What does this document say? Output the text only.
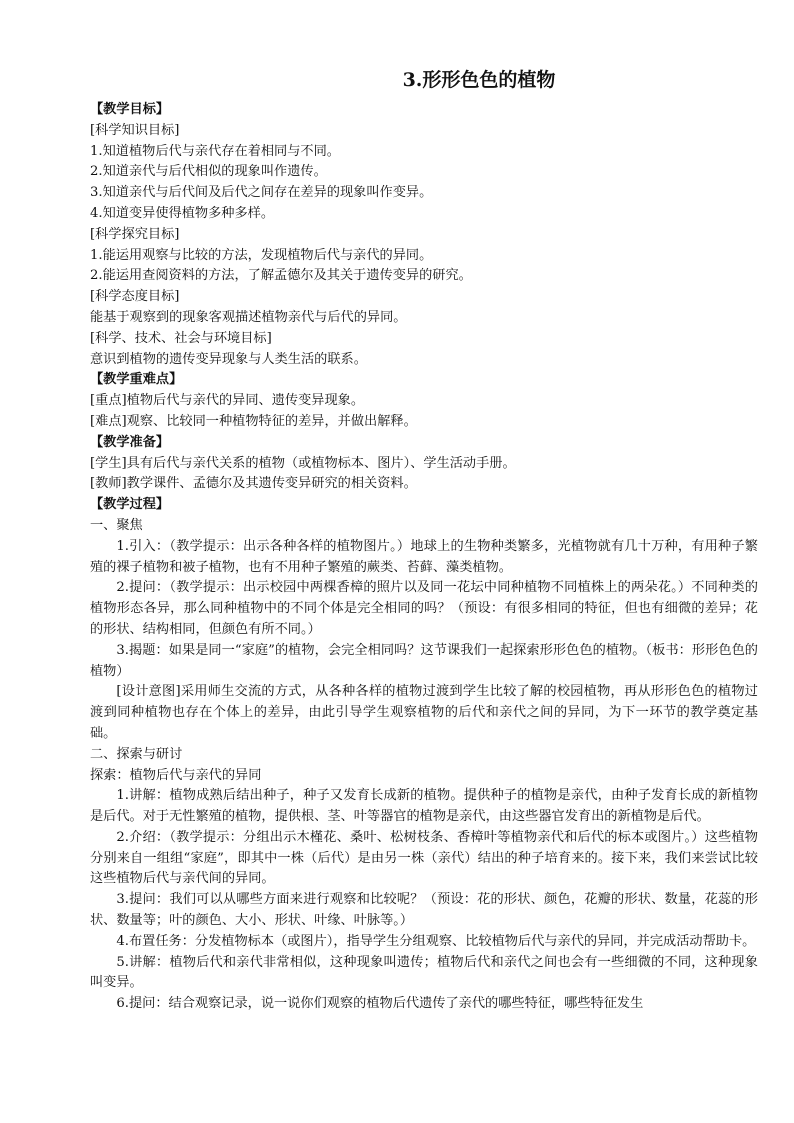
3.形形色色的植物

【教学目标】

[科学知识目标]

1.知道植物后代与亲代存在着相同与不同。

2.知道亲代与后代相似的现象叫作遗传。

3.知道亲代与后代间及后代之间存在差异的现象叫作变异。

4.知道变异使得植物多种多样。

[科学探究目标]

1.能运用观察与比较的方法，发现植物后代与亲代的异同。

2.能运用查阅资料的方法，了解孟德尔及其关于遗传变异的研究。

[科学态度目标]

能基于观察到的现象客观描述植物亲代与后代的异同。

[科学、技术、社会与环境目标]

意识到植物的遗传变异现象与人类生活的联系。

【教学重难点】

[重点]植物后代与亲代的异同、遗传变异现象。

[难点]观察、比较同一种植物特征的差异，并做出解释。

【教学准备】

[学生]具有后代与亲代关系的植物（或植物标本、图片）、学生活动手册。

[教师]教学课件、孟德尔及其遗传变异研究的相关资料。

【教学过程】

一、聚焦

1.引入：（教学提示：出示各种各样的植物图片。）地球上的生物种类繁多，光植物就有几十万种，有用种子繁殖的裸子植物和被子植物，也有不用种子繁殖的蕨类、苔藓、藻类植物。

2.提问：（教学提示：出示校园中两棵香樟的照片以及同一花坛中同种植物不同植株上的两朵花。）不同种类的植物形态各异，那么同种植物中的不同个体是完全相同的吗？（预设：有很多相同的特征，但也有细微的差异；花的形状、结构相同，但颜色有所不同。）

3.揭题：如果是同一“家庭”的植物，会完全相同吗？这节课我们一起探索形形色色的植物。（板书：形形色色的植物）

[设计意图]采用师生交流的方式，从各种各样的植物过渡到学生比较了解的校园植物，再从形形色色的植物过渡到同种植物也存在个体上的差异，由此引导学生观察植物的后代和亲代之间的异同，为下一环节的教学奠定基础。

二、探索与研讨

探索：植物后代与亲代的异同

1.讲解：植物成熟后结出种子，种子又发育长成新的植物。提供种子的植物是亲代，由种子发育长成的新植物是后代。对于无性繁殖的植物，提供根、茎、叶等器官的植物是亲代，由这些器官发育出的新植物是后代。

2.介绍：（教学提示：分组出示木槿花、桑叶、松树枝条、香樟叶等植物亲代和后代的标本或图片。）这些植物分别来自一组组“家庭”，即其中一株（后代）是由另一株（亲代）结出的种子培育来的。接下来，我们来尝试比较这些植物后代与亲代间的异同。

3.提问：我们可以从哪些方面来进行观察和比较呢？（预设：花的形状、颜色，花瓣的形状、数量，花蕊的形状、数量等；叶的颜色、大小、形状、叶缘、叶脉等。）

4.布置任务：分发植物标本（或图片），指导学生分组观察、比较植物后代与亲代的异同，并完成活动帮助卡。

5.讲解：植物后代和亲代非常相似，这种现象叫遗传；植物后代和亲代之间也会有一些细微的不同，这种现象叫变异。

6.提问：结合观察记录，说一说你们观察的植物后代遗传了亲代的哪些特征，哪些特征发生
